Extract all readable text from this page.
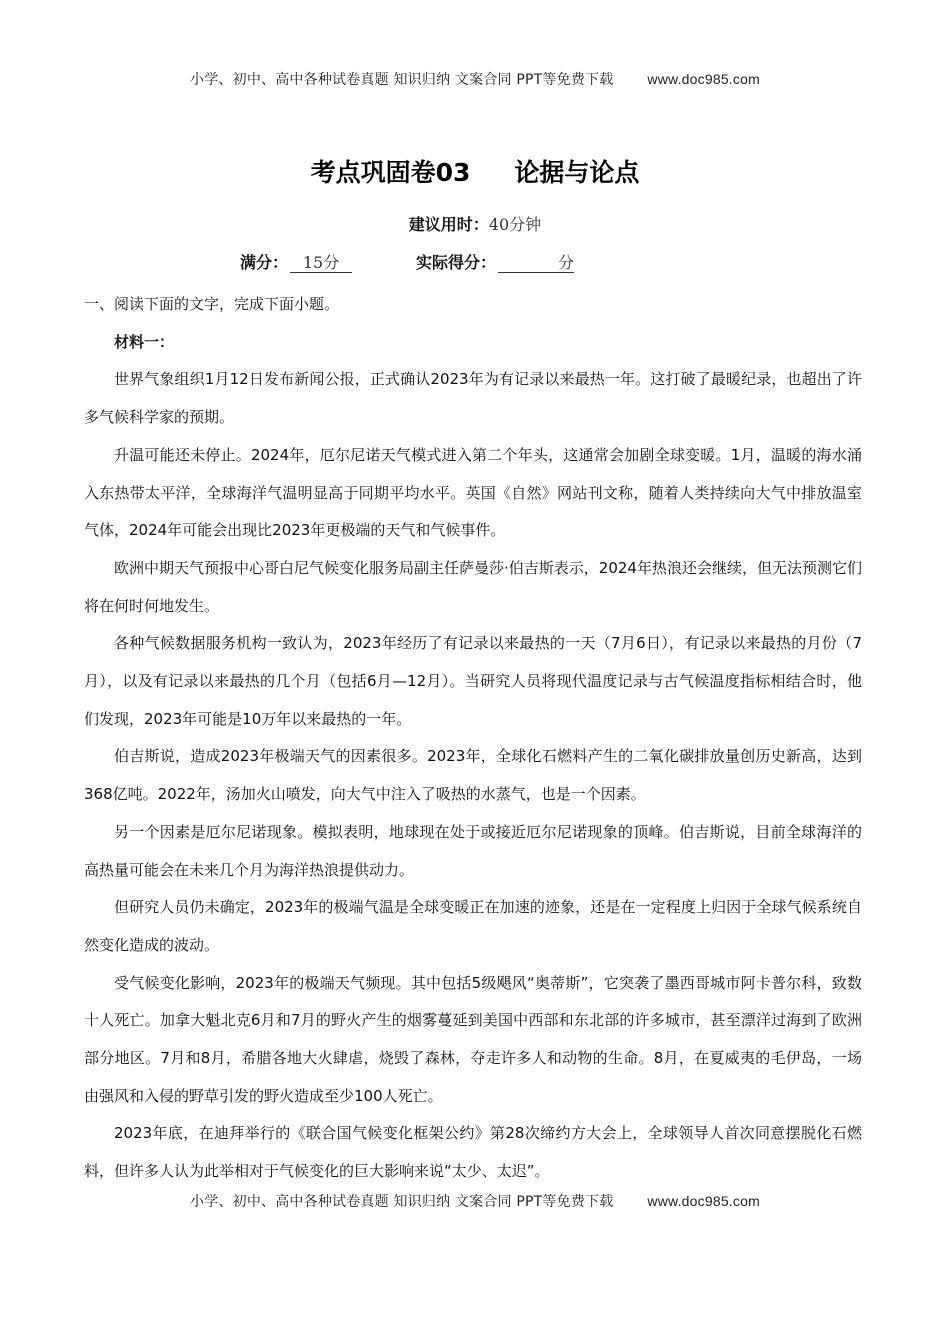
小学、初中、高中各种试卷真题 知识归纳 文案合同 PPT等免费下载 www.doc985.com
考点巩固卷03 论据与论点
建议用时：40分钟
满分： 15分	实际得分：	分

一、阅读下面的文字，完成下面小题。

材料一：

世界气象组织1月12日发布新闻公报，正式确认2023年为有记录以来最热一年。这打破了最暖纪录，也超出了许多气候科学家的预期。

升温可能还未停止。2024年，厄尔尼诺天气模式进入第二个年头，这通常会加剧全球变暖。1月，温暖的海水涌入东热带太平洋，全球海洋气温明显高于同期平均水平。英国《自然》网站刊文称，随着人类持续向大气中排放温室气体，2024年可能会出现比2023年更极端的天气和气候事件。

欧洲中期天气预报中心哥白尼气候变化服务局副主任萨曼莎·伯吉斯表示，2024年热浪还会继续，但无法预测它们将在何时何地发生。

各种气候数据服务机构一致认为，2023年经历了有记录以来最热的一天（7月6日），有记录以来最热的月份（7月），以及有记录以来最热的几个月（包括6月—12月）。当研究人员将现代温度记录与古气候温度指标相结合时，他们发现，2023年可能是10万年以来最热的一年。

伯吉斯说，造成2023年极端天气的因素很多。2023年，全球化石燃料产生的二氧化碳排放量创历史新高，达到368亿吨。2022年，汤加火山喷发，向大气中注入了吸热的水蒸气，也是一个因素。

另一个因素是厄尔尼诺现象。模拟表明，地球现在处于或接近厄尔尼诺现象的顶峰。伯吉斯说，目前全球海洋的高热量可能会在未来几个月为海洋热浪提供动力。

但研究人员仍未确定，2023年的极端气温是全球变暖正在加速的迹象，还是在一定程度上归因于全球气候系统自然变化造成的波动。

受气候变化影响，2023年的极端天气频现。其中包括5级飓风“奥蒂斯”，它突袭了墨西哥城市阿卡普尔科，致数十人死亡。加拿大魁北克6月和7月的野火产生的烟雾蔓延到美国中西部和东北部的许多城市，甚至漂洋过海到了欧洲部分地区。7月和8月，希腊各地大火肆虐，烧毁了森林，夺走许多人和动物的生命。8月，在夏威夷的毛伊岛，一场由强风和入侵的野草引发的野火造成至少100人死亡。

2023年底，在迪拜举行的《联合国气候变化框架公约》第28次缔约方大会上，全球领导人首次同意摆脱化石燃料，但许多人认为此举相对于气候变化的巨大影响来说“太少、太迟”。

小学、初中、高中各种试卷真题 知识归纳 文案合同 PPT等免费下载 www.doc985.com
